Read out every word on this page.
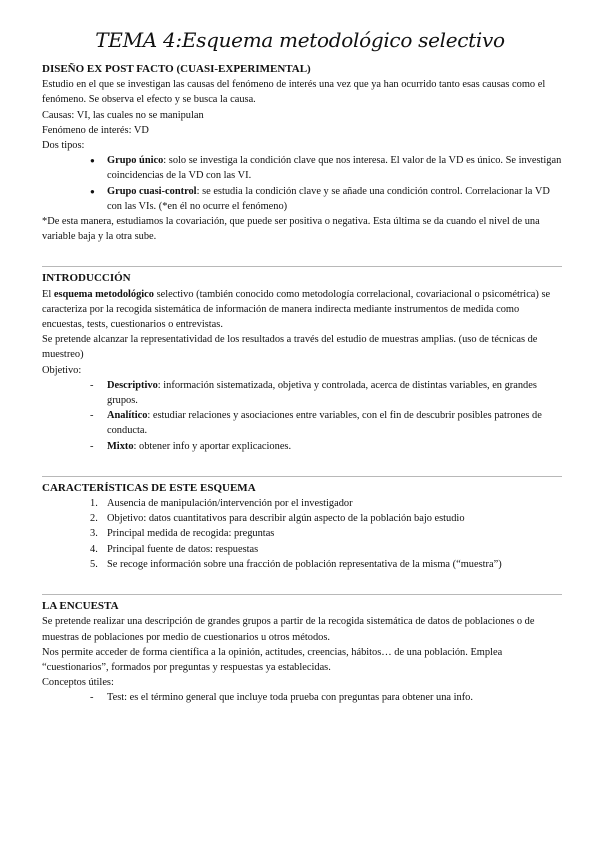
TEMA 4:Esquema metodológico selectivo

DISEÑO EX POST FACTO (CUASI-EXPERIMENTAL)

Estudio en el que se investigan las causas del fenómeno de interés una vez que ya han ocurrido tanto esas causas como el fenómeno. Se observa el efecto y se busca la causa.

Causas: VI, las cuales no se manipulan

Fenómeno de interés: VD

Dos tipos:

● Grupo único: solo se investiga la condición clave que nos interesa. El valor de la VD es único. Se investigan coincidencias de la VD con las VI.
● Grupo cuasi-control: se estudia la condición clave y se añade una condición control. Correlacionar la VD con las VIs. (*en él no ocurre el fenómeno)

*De esta manera, estudiamos la covariación, que puede ser positiva o negativa. Esta última se da cuando el nivel de una variable baja y la otra sube.

INTRODUCCIÓN

El esquema metodológico selectivo (también conocido como metodología correlacional, covariacional o psicométrica) se caracteriza por la recogida sistemática de información de manera indirecta mediante instrumentos de medida como encuestas, tests, cuestionarios o entrevistas.

Se pretende alcanzar la representatividad de los resultados a través del estudio de muestras amplias. (uso de técnicas de muestreo)

Objetivo:

- Descriptivo: información sistematizada, objetiva y controlada, acerca de distintas variables, en grandes grupos.
- Analítico: estudiar relaciones y asociaciones entre variables, con el fin de descubrir posibles patrones de conducta.
- Mixto: obtener info y aportar explicaciones.

CARACTERÍSTICAS DE ESTE ESQUEMA

1. Ausencia de manipulación/intervención por el investigador
2. Objetivo: datos cuantitativos para describir algún aspecto de la población bajo estudio
3. Principal medida de recogida: preguntas
4. Principal fuente de datos: respuestas
5. Se recoge información sobre una fracción de población representativa de la misma (“muestra”)

LA ENCUESTA

Se pretende realizar una descripción de grandes grupos a partir de la recogida sistemática de datos de poblaciones o de muestras de poblaciones por medio de cuestionarios u otros métodos.

Nos permite acceder de forma científica a la opinión, actitudes, creencias, hábitos… de una población. Emplea “cuestionarios”, formados por preguntas y respuestas ya establecidas.

Conceptos útiles:

- Test: es el término general que incluye toda prueba con preguntas para obtener una info.
